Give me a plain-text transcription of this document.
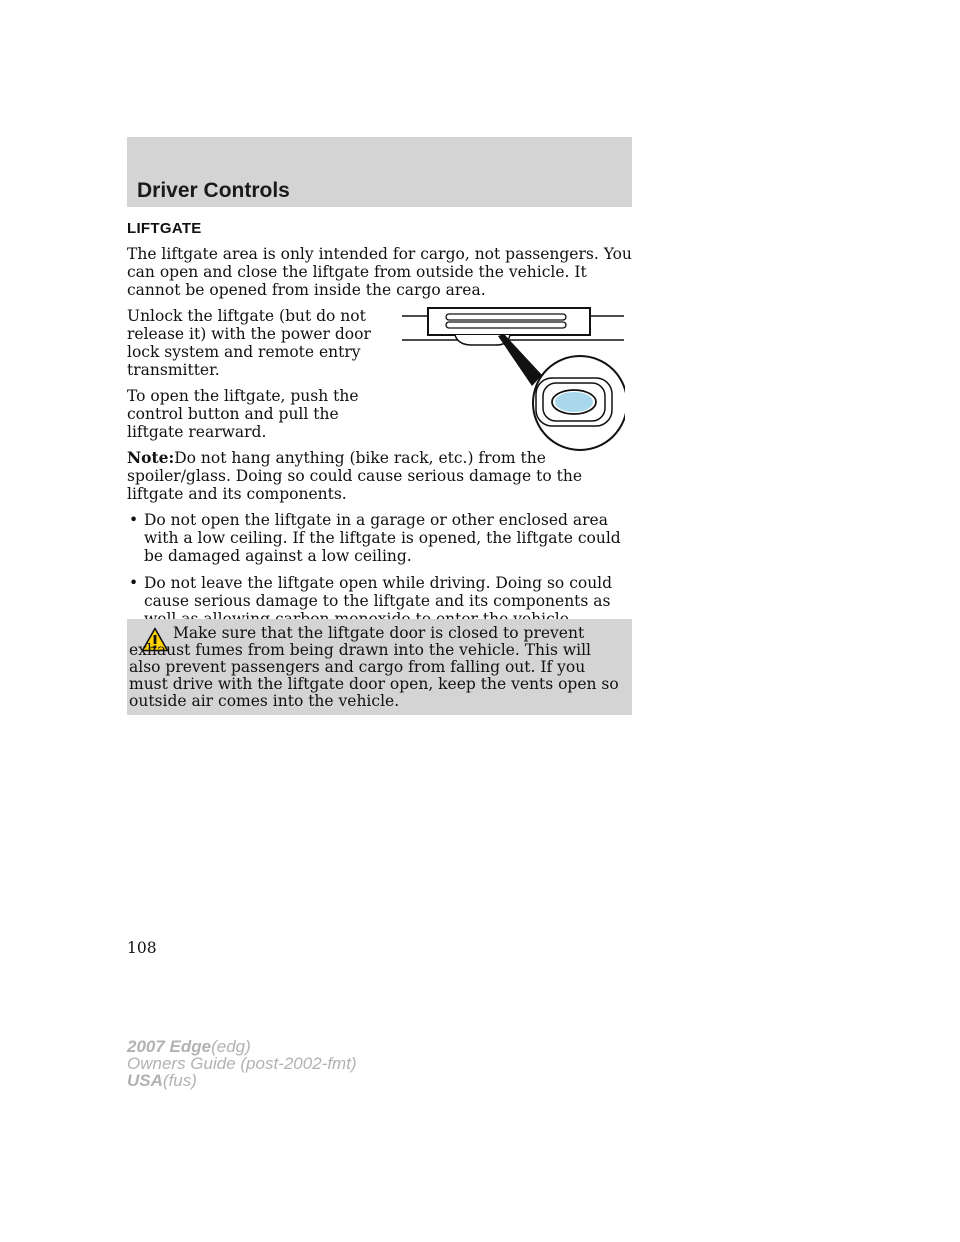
Driver Controls
LIFTGATE

The liftgate area is only intended for cargo, not passengers. You can open and close the liftgate from outside the vehicle. It cannot be opened from inside the cargo area.

Unlock the liftgate (but do not release it) with the power door lock system and remote entry transmitter.

To open the liftgate, push the control button and pull the liftgate rearward.

Note:Do not hang anything (bike rack, etc.) from the spoiler/glass. Doing so could cause serious damage to the liftgate and its components.

• Do not open the liftgate in a garage or other enclosed area with a low ceiling. If the liftgate is opened, the liftgate could be damaged against a low ceiling.
• Do not leave the liftgate open while driving. Doing so could cause serious damage to the liftgate and its components as
Make sure that the liftgate door is closed to prevent exhaust fumes from being drawn into the vehicle. This will also prevent passengers and cargo from falling out. If you must drive with the liftgate door open, keep the vents open so outside air comes into the vehicle.
108
2007 Edge(edg)
Owners Guide (post-2002-fmt)
USA(fus)
